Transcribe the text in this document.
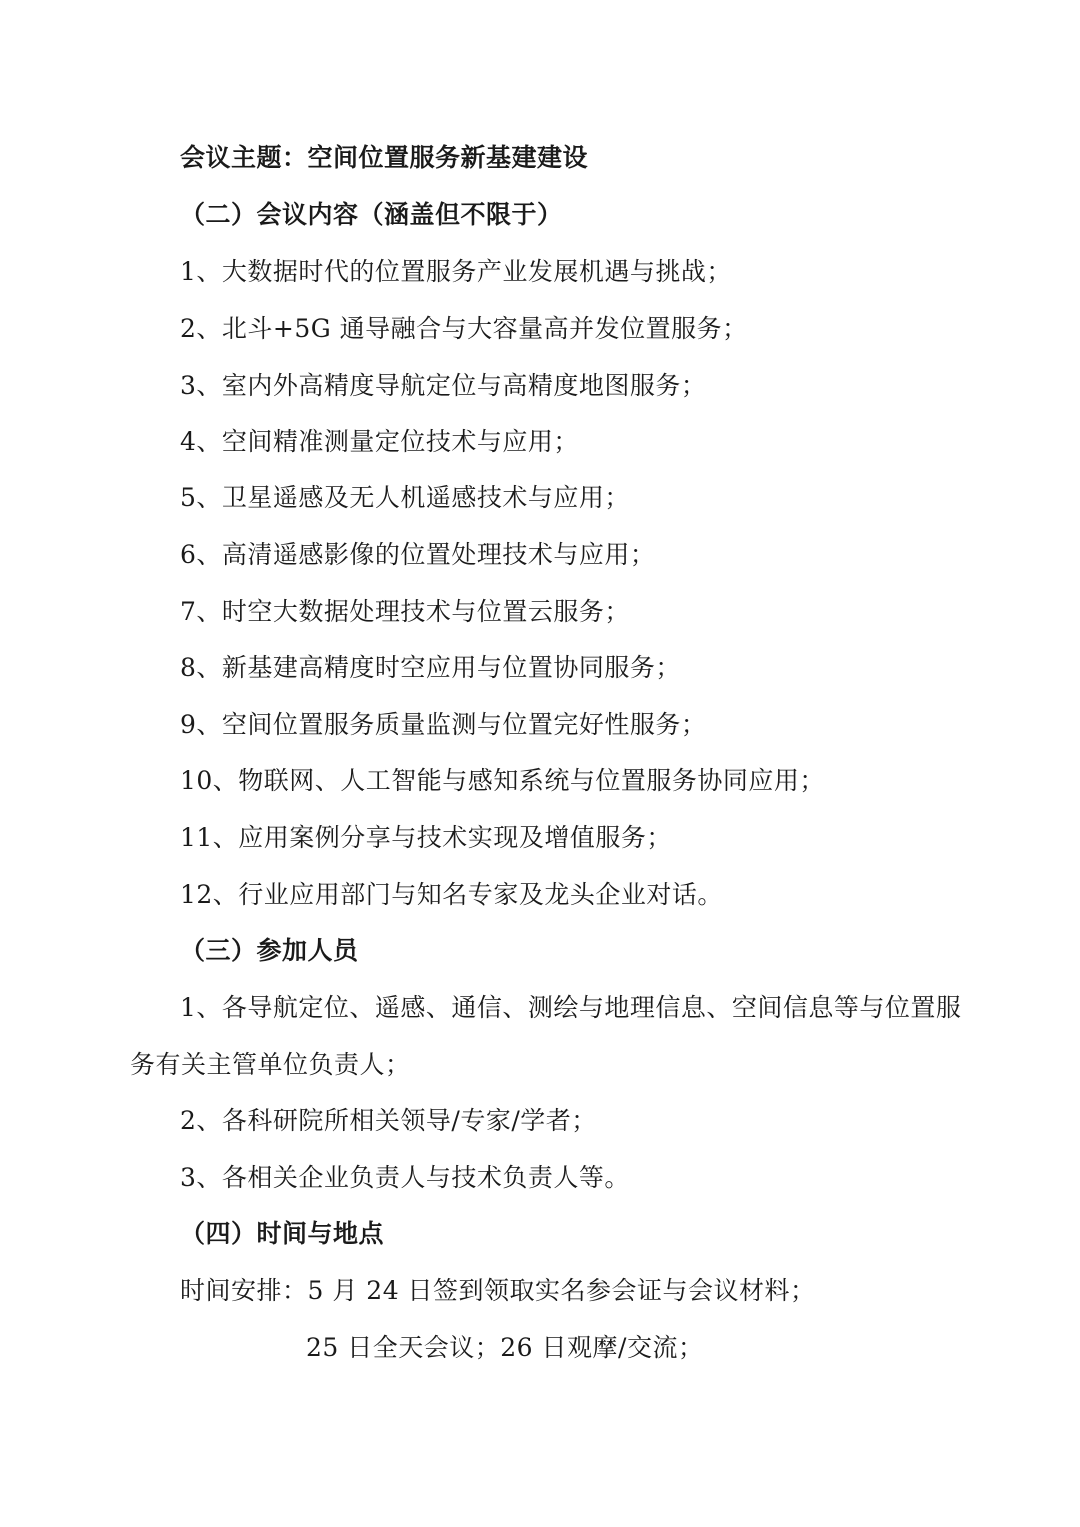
会议主题：空间位置服务新基建建设
（二）会议内容（涵盖但不限于）
1、大数据时代的位置服务产业发展机遇与挑战；
2、北斗+5G 通导融合与大容量高并发位置服务；
3、室内外高精度导航定位与高精度地图服务；
4、空间精准测量定位技术与应用；
5、卫星遥感及无人机遥感技术与应用；
6、高清遥感影像的位置处理技术与应用；
7、时空大数据处理技术与位置云服务；
8、新基建高精度时空应用与位置协同服务；
9、空间位置服务质量监测与位置完好性服务；
10、物联网、人工智能与感知系统与位置服务协同应用；
11、应用案例分享与技术实现及增值服务；
12、行业应用部门与知名专家及龙头企业对话。
（三）参加人员
1、各导航定位、遥感、通信、测绘与地理信息、空间信息等与位置服
务有关主管单位负责人；
2、各科研院所相关领导/专家/学者；
3、各相关企业负责人与技术负责人等。
（四）时间与地点
时间安排：5 月 24 日签到领取实名参会证与会议材料；
25 日全天会议；26 日观摩/交流；
